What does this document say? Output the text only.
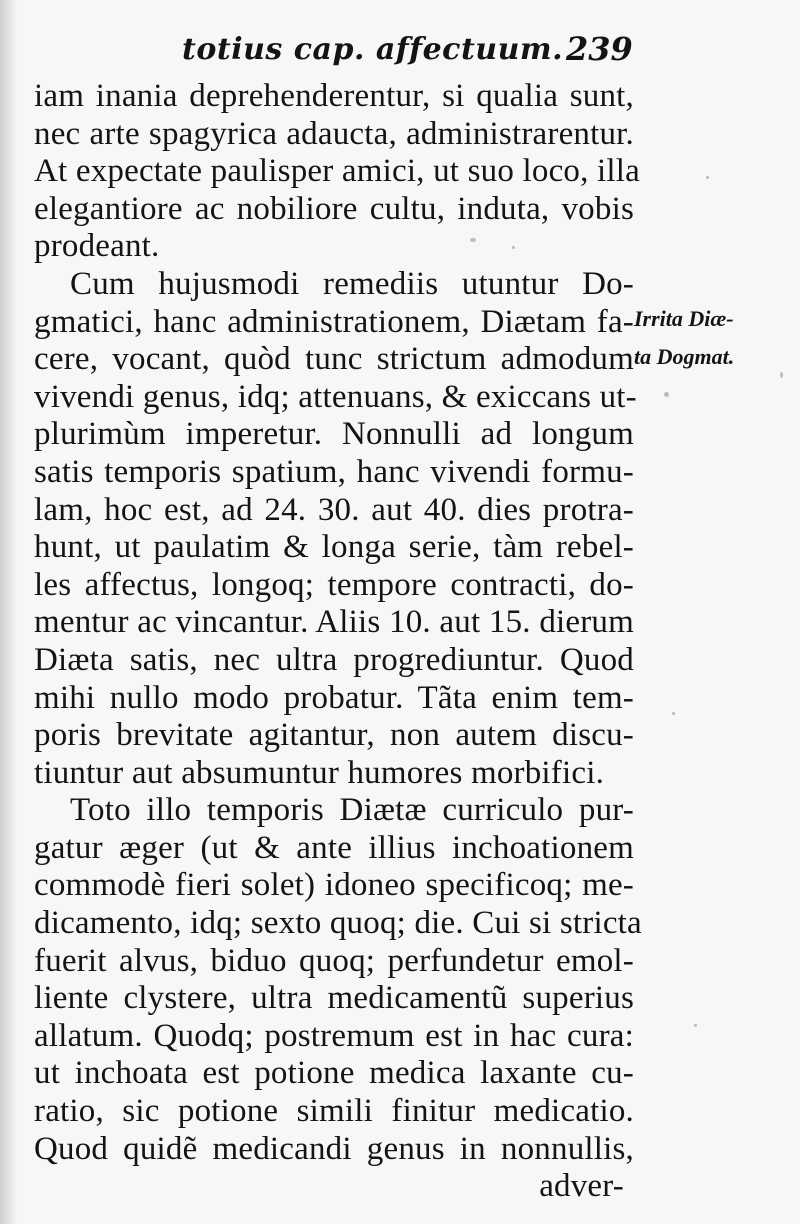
totius cap. affectuum. 239
iam inania deprehenderentur, si qualia sunt,
nec arte spagyrica adaucta, administrarentur.
At expectate paulisper amici, ut suo loco, illa
elegantiore ac nobiliore cultu, induta, vobis
prodeant.
Cum hujusmodi remediis utuntur Do-
gmatici, hanc administrationem, Diætam fa-
cere, vocant, quòd tunc strictum admodum
vivendi genus, idq; attenuans, & exiccans ut-
plurimùm imperetur. Nonnulli ad longum
satis temporis spatium, hanc vivendi formu-
lam, hoc est, ad 24. 30. aut 40. dies protra-
hunt, ut paulatim & longa serie, tàm rebel-
les affectus, longoq; tempore contracti, do-
mentur ac vincantur. Aliis 10. aut 15. dierum
Diæta satis, nec ultra progrediuntur. Quod
mihi nullo modo probatur. Tãta enim tem-
poris brevitate agitantur, non autem discu-
tiuntur aut absumuntur humores morbifici.
Toto illo temporis Diætæ curriculo pur-
gatur æger (ut & ante illius inchoationem
commodè fieri solet) idoneo specificoq; me-
dicamento, idq; sexto quoq; die. Cui si stricta
fuerit alvus, biduo quoq; perfundetur emol-
liente clystere, ultra medicamentũ superius
allatum. Quodq; postremum est in hac cura:
ut inchoata est potione medica laxante cu-
ratio, sic potione simili finitur medicatio.
Quod quidẽ medicandi genus in nonnullis,
adver-
Irrita Diæ-
ta Dogmat.
